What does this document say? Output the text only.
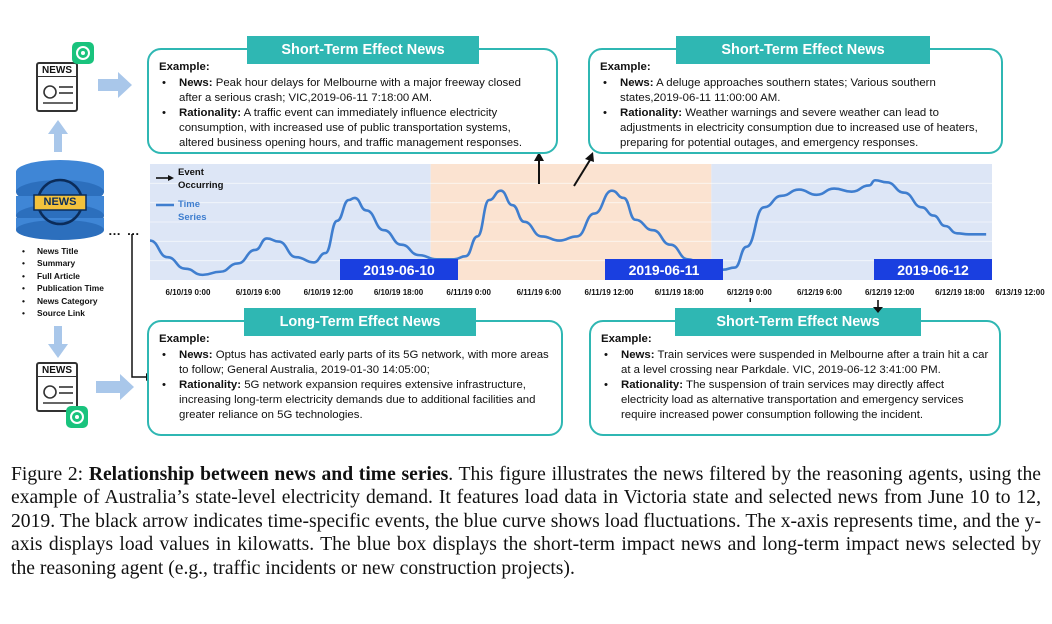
NEWS
NEWS
• News Title
• Summary
• Full Article
• Publication Time
• News Category
• Source Link
… …
NEWS
Event
Occurring
Time
Series
2019-06-10	2019-06-11	2019-06-12
6/10/19 0:00	6/10/19 6:00	6/10/19 12:00	6/10/19 18:00	6/11/19 0:00	6/11/19 6:00	6/11/19 12:00	6/11/19 18:00	6/12/19 0:00	6/12/19 6:00	6/12/19 12:00	6/12/19 18:00 6/13/19 12:00
Short-Term Effect News
Example:
• News: Peak hour delays for Melbourne with a major freeway closed after a serious crash; VIC,2019-06-11 7:18:00 AM.
• Rationality: A traffic event can immediately influence electricity consumption, with increased use of public transportation systems, altered business opening hours, and traffic management responses.
Short-Term Effect News
Example:
• News: A deluge approaches southern states; Various southern states,2019-06-11 11:00:00 AM.
• Rationality: Weather warnings and severe weather can lead to adjustments in electricity consumption due to increased use of heaters, preparing for potential outages, and emergency responses.
Long-Term Effect News
Example:
• News: Optus has activated early parts of its 5G network, with more areas to follow; General Australia, 2019-01-30 14:05:00;
• Rationality: 5G network expansion requires extensive infrastructure, increasing long-term electricity demands due to additional facilities and greater reliance on 5G technologies.
Short-Term Effect News
Example:
• News: Train services were suspended in Melbourne after a train hit a car at a level crossing near Parkdale. VIC, 2019-06-12 3:41:00 PM.
• Rationality: The suspension of train services may directly affect electricity load as alternative transportation and emergency services require increased power consumption following the incident.

Figure 2: Relationship between news and time series. This figure illustrates the news filtered by the reasoning agents, using the example of Australia’s state-level electricity demand. It features load data in Victoria state and selected news from June 10 to 12, 2019. The black arrow indicates time-specific events, the blue curve shows load fluctuations. The x-axis represents time, and the y-axis displays load values in kilowatts. The blue box displays the short-term impact news and long-term impact news selected by the reasoning agent (e.g., traffic incidents or new construction projects).
